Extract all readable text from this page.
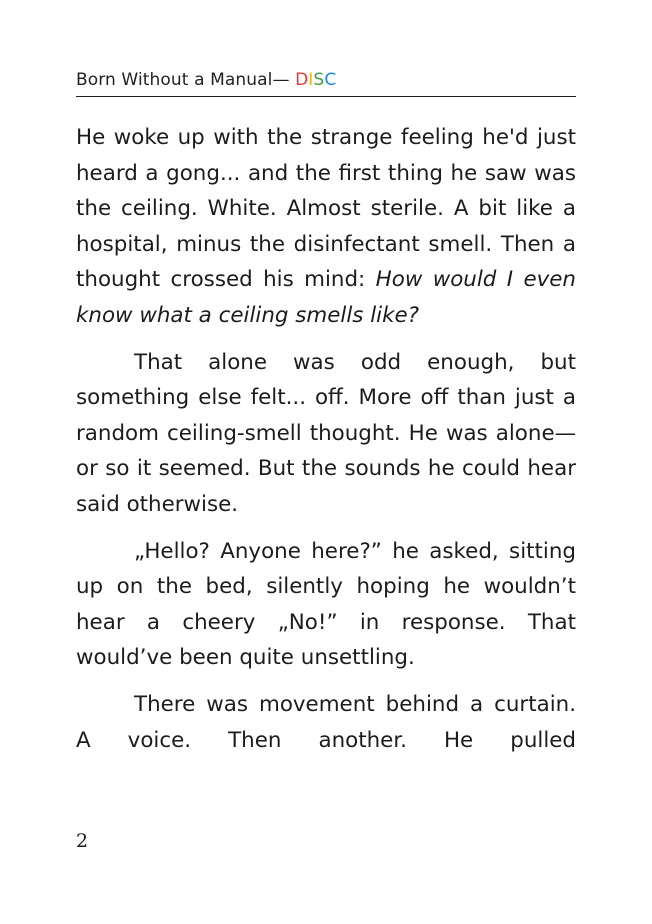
Born Without a Manual— DISC

He woke up with the strange feeling he'd just heard a gong... and the first thing he saw was the ceiling. White. Almost sterile. A bit like a hospital, minus the disinfectant smell. Then a thought crossed his mind: How would I even know what a ceiling smells like?

That alone was odd enough, but something else felt... off. More off than just a random ceiling-smell thought. He was alone—or so it seemed. But the sounds he could hear said otherwise.

„Hello? Anyone here?” he asked, sitting up on the bed, silently hoping he wouldn’t hear a cheery „No!” in response. That would’ve been quite unsettling.

There was movement behind a curtain. A voice. Then another. He pulled

2
